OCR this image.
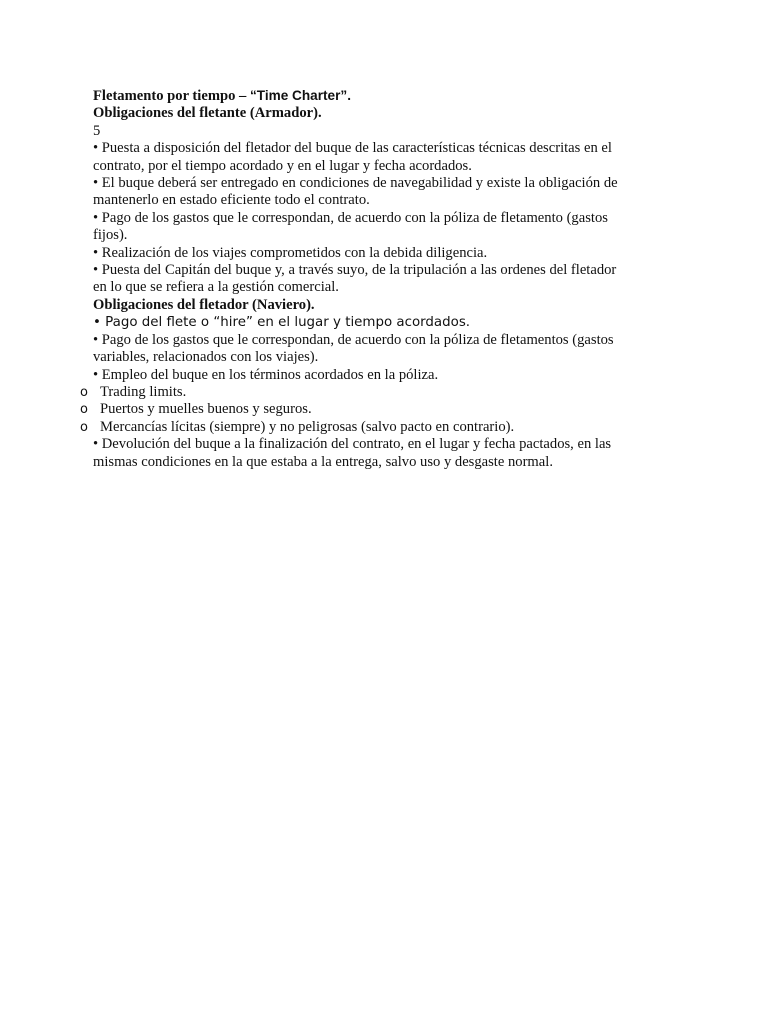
Fletamento por tiempo – “Time Charter”.
Obligaciones del fletante (Armador).
5
• Puesta a disposición del fletador del buque de las características técnicas descritas en el contrato, por el tiempo acordado y en el lugar y fecha acordados.
• El buque deberá ser entregado en condiciones de navegabilidad y existe la obligación de mantenerlo en estado eficiente todo el contrato.
• Pago de los gastos que le correspondan, de acuerdo con la póliza de fletamento (gastos fijos).
• Realización de los viajes comprometidos con la debida diligencia.
• Puesta del Capitán del buque y, a través suyo, de la tripulación a las ordenes del fletador en lo que se refiera a la gestión comercial.
Obligaciones del fletador (Naviero).
• Pago del flete o “hire” en el lugar y tiempo acordados.
• Pago de los gastos que le correspondan, de acuerdo con la póliza de fletamentos (gastos variables, relacionados con los viajes).
• Empleo del buque en los términos acordados en la póliza.
o Trading limits.
o Puertos y muelles buenos y seguros.
o Mercancías lícitas (siempre) y no peligrosas (salvo pacto en contrario).
• Devolución del buque a la finalización del contrato, en el lugar y fecha pactados, en las mismas condiciones en la que estaba a la entrega, salvo uso y desgaste normal.
